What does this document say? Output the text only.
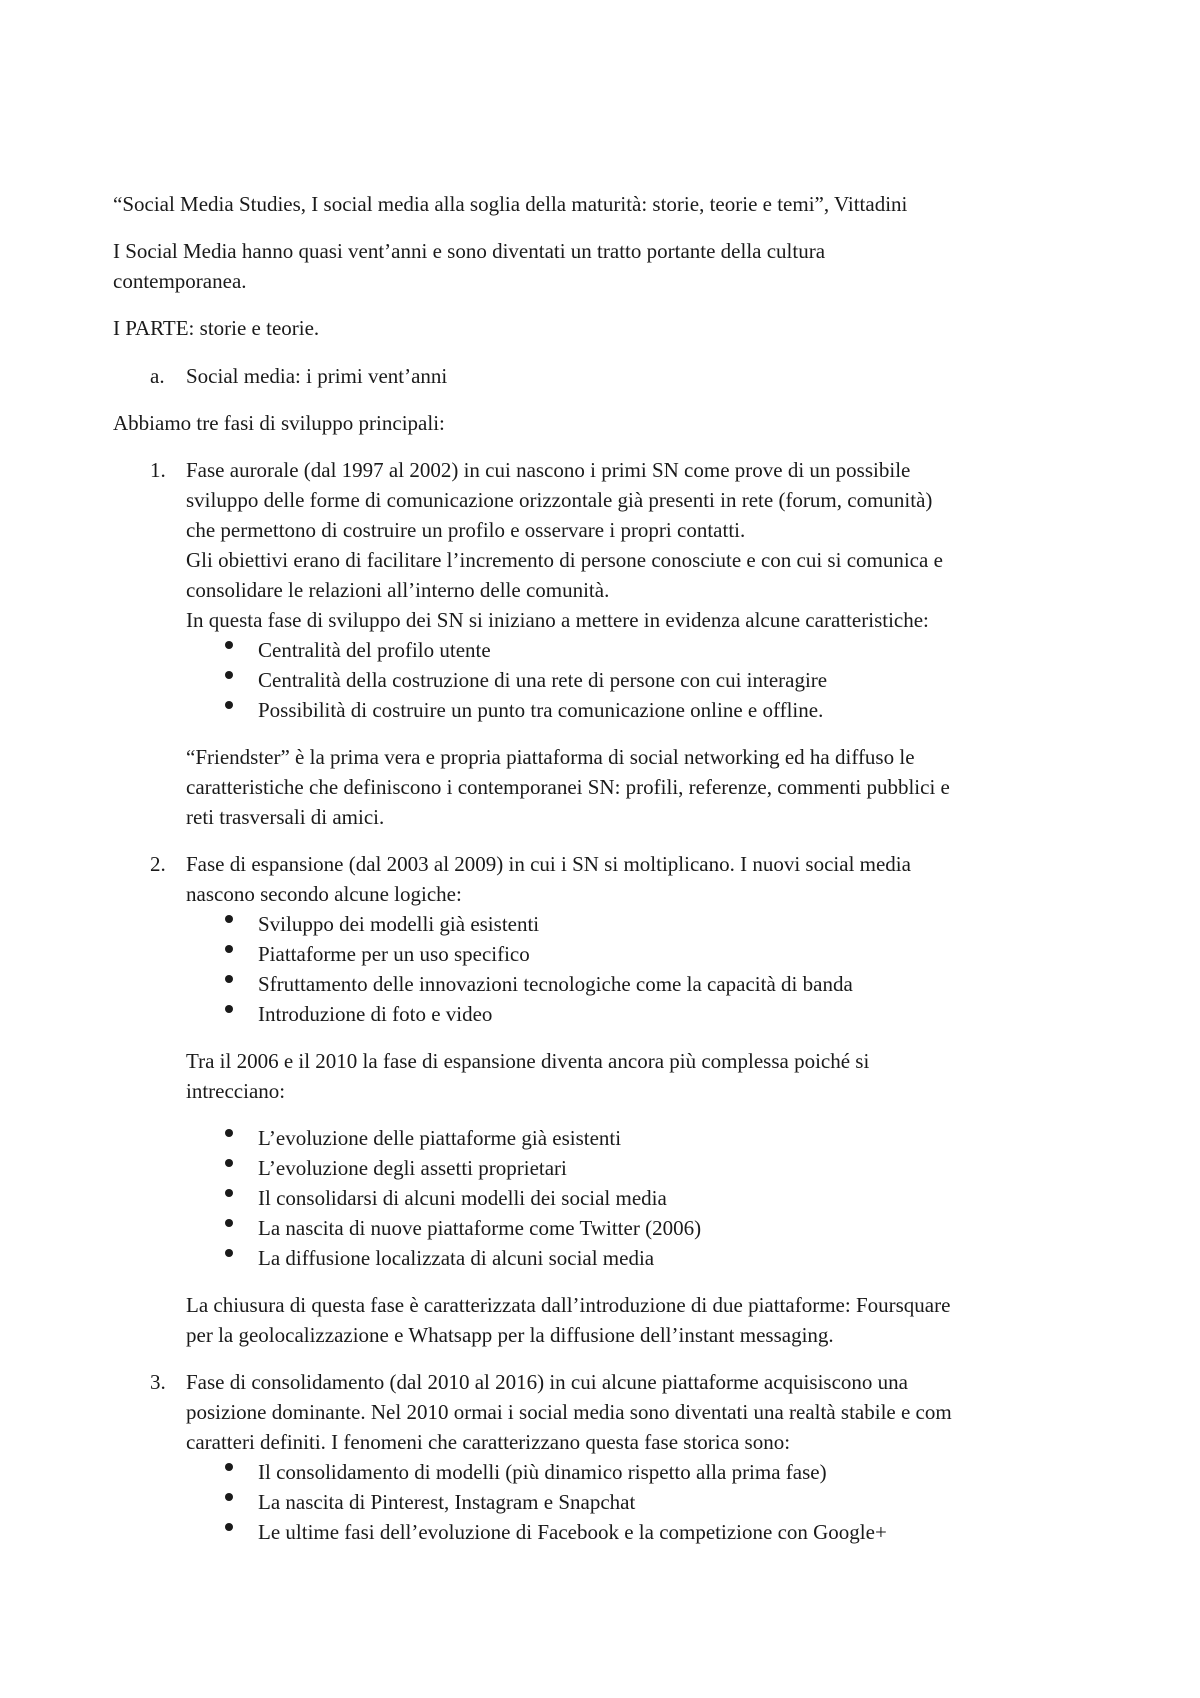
“Social Media Studies, I social media alla soglia della maturità: storie, teorie e temi”, Vittadini
I Social Media hanno quasi vent’anni e sono diventati un tratto portante della cultura
contemporanea.
I PARTE: storie e teorie.
a. Social media: i primi vent’anni
Abbiamo tre fasi di sviluppo principali:
1. Fase aurorale (dal 1997 al 2002) in cui nascono i primi SN come prove di un possibile
sviluppo delle forme di comunicazione orizzontale già presenti in rete (forum, comunità)
che permettono di costruire un profilo e osservare i propri contatti.
Gli obiettivi erano di facilitare l’incremento di persone conosciute e con cui si comunica e
consolidare le relazioni all’interno delle comunità.
In questa fase di sviluppo dei SN si iniziano a mettere in evidenza alcune caratteristiche:
Centralità del profilo utente
Centralità della costruzione di una rete di persone con cui interagire
Possibilità di costruire un punto tra comunicazione online e offline.
“Friendster” è la prima vera e propria piattaforma di social networking ed ha diffuso le
caratteristiche che definiscono i contemporanei SN: profili, referenze, commenti pubblici e
reti trasversali di amici.
2. Fase di espansione (dal 2003 al 2009) in cui i SN si moltiplicano. I nuovi social media
nascono secondo alcune logiche:
Sviluppo dei modelli già esistenti
Piattaforme per un uso specifico
Sfruttamento delle innovazioni tecnologiche come la capacità di banda
Introduzione di foto e video
Tra il 2006 e il 2010 la fase di espansione diventa ancora più complessa poiché si
intrecciano:
L’evoluzione delle piattaforme già esistenti
L’evoluzione degli assetti proprietari
Il consolidarsi di alcuni modelli dei social media
La nascita di nuove piattaforme come Twitter (2006)
La diffusione localizzata di alcuni social media
La chiusura di questa fase è caratterizzata dall’introduzione di due piattaforme: Foursquare
per la geolocalizzazione e Whatsapp per la diffusione dell’instant messaging.
3. Fase di consolidamento (dal 2010 al 2016) in cui alcune piattaforme acquisiscono una
posizione dominante. Nel 2010 ormai i social media sono diventati una realtà stabile e com
caratteri definiti. I fenomeni che caratterizzano questa fase storica sono:
Il consolidamento di modelli (più dinamico rispetto alla prima fase)
La nascita di Pinterest, Instagram e Snapchat
Le ultime fasi dell’evoluzione di Facebook e la competizione con Google+
